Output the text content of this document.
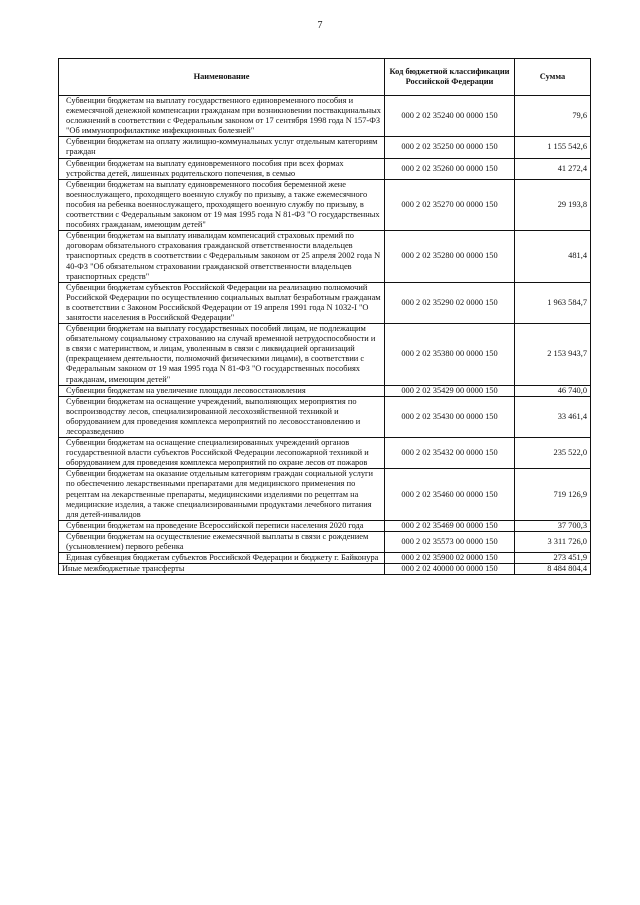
7
Наименование	Код бюджетной классификации Российской Федерации	Сумма
Субвенции бюджетам на выплату государственного единовременного пособия и ежемесячной денежной компенсации гражданам при возникновении поствакцинальных осложнений в соответствии с Федеральным законом от 17 сентября 1998 года N 157-ФЗ "Об иммунопрофилактике инфекционных болезней"	000 2 02 35240 00 0000 150	79,6
Субвенции бюджетам на оплату жилищно-коммунальных услуг отдельным категориям граждан	000 2 02 35250 00 0000 150	1 155 542,6
Субвенции бюджетам на выплату единовременного пособия при всех формах устройства детей, лишенных родительского попечения, в семью	000 2 02 35260 00 0000 150	41 272,4
Субвенции бюджетам на выплату единовременного пособия беременной жене военнослужащего, проходящего военную службу по призыву, а также ежемесячного пособия на ребенка военнослужащего, проходящего военную службу по призыву, в соответствии с Федеральным законом от 19 мая 1995 года N 81-ФЗ "О государственных пособиях гражданам, имеющим детей"	000 2 02 35270 00 0000 150	29 193,8
Субвенции бюджетам на выплату инвалидам компенсаций страховых премий по договорам обязательного страхования гражданской ответственности владельцев транспортных средств в соответствии с Федеральным законом от 25 апреля 2002 года N 40-ФЗ "Об обязательном страховании гражданской ответственности владельцев транспортных средств"	000 2 02 35280 00 0000 150	481,4
Субвенции бюджетам субъектов Российской Федерации на реализацию полномочий Российской Федерации по осуществлению социальных выплат безработным гражданам в соответствии с Законом Российской Федерации от 19 апреля 1991 года N 1032-I "О занятости населения в Российской Федерации"	000 2 02 35290 02 0000 150	1 963 584,7
Субвенции бюджетам на выплату государственных пособий лицам, не подлежащим обязательному социальному страхованию на случай временной нетрудоспособности и в связи с материнством, и лицам, уволенным в связи с ликвидацией организаций (прекращением деятельности, полномочий физическими лицами), в соответствии с Федеральным законом от 19 мая 1995 года N 81-ФЗ "О государственных пособиях гражданам, имеющим детей"	000 2 02 35380 00 0000 150	2 153 943,7
Субвенции бюджетам на увеличение площади лесовосстановления	000 2 02 35429 00 0000 150	46 740,0
Субвенции бюджетам на оснащение учреждений, выполняющих мероприятия по воспроизводству лесов, специализированной лесохозяйственной техникой и оборудованием для проведения комплекса мероприятий по лесовосстановлению и лесоразведению	000 2 02 35430 00 0000 150	33 461,4
Субвенции бюджетам на оснащение специализированных учреждений органов государственной власти субъектов Российской Федерации лесопожарной техникой и оборудованием для проведения комплекса мероприятий по охране лесов от пожаров	000 2 02 35432 00 0000 150	235 522,0
Субвенции бюджетам на оказание отдельным категориям граждан социальной услуги по обеспечению лекарственными препаратами для медицинского применения по рецептам на лекарственные препараты, медицинскими изделиями по рецептам на медицинские изделия, а также специализированными продуктами лечебного питания для детей-инвалидов	000 2 02 35460 00 0000 150	719 126,9
Субвенции бюджетам на проведение Всероссийской переписи населения 2020 года	000 2 02 35469 00 0000 150	37 700,3
Субвенции бюджетам на осуществление ежемесячной выплаты в связи с рождением (усыновлением) первого ребенка	000 2 02 35573 00 0000 150	3 311 726,0
Единая субвенция бюджетам субъектов Российской Федерации и бюджету г. Байконура	000 2 02 35900 02 0000 150	273 451,9
Иные межбюджетные трансферты	000 2 02 40000 00 0000 150	8 484 804,4
